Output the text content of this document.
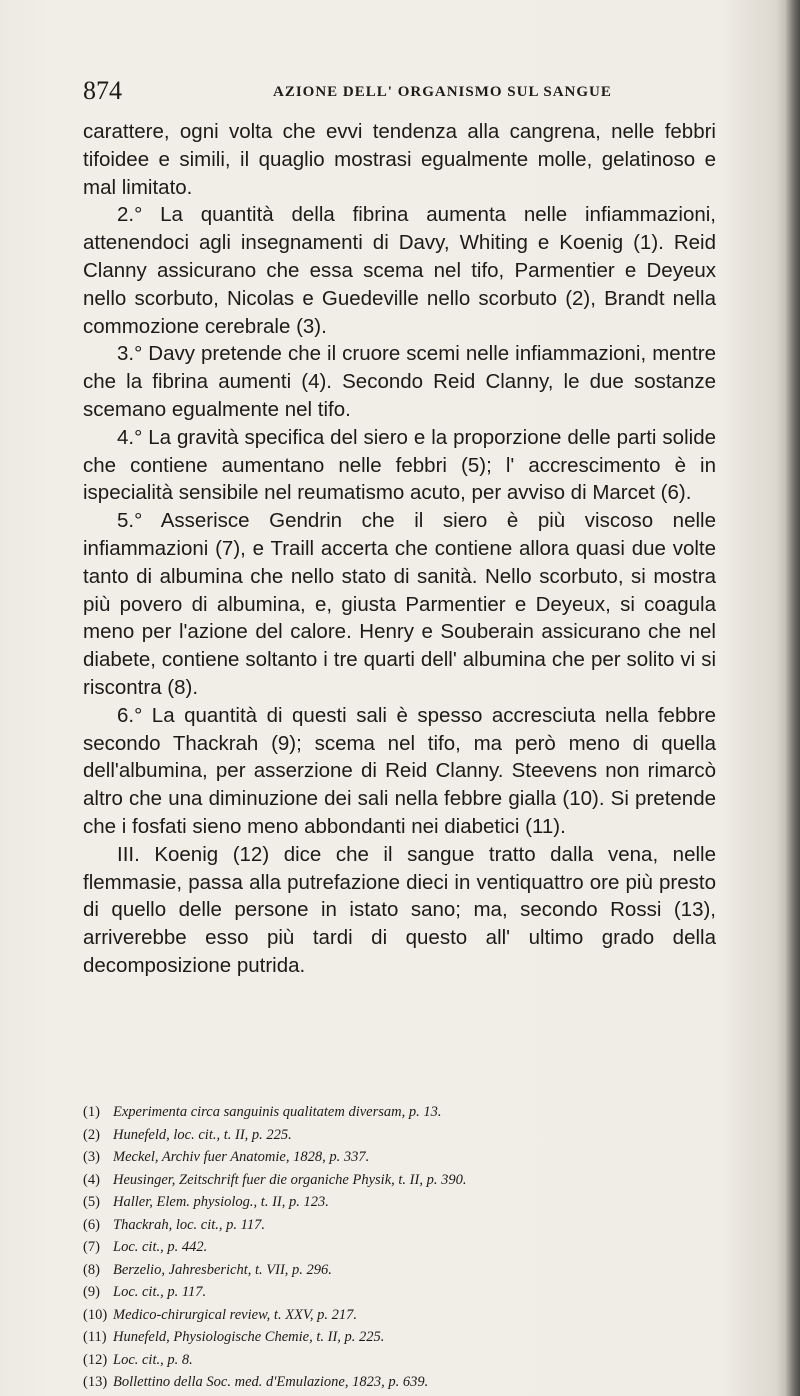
874	AZIONE DELL' ORGANISMO SUL SANGUE

carattere, ogni volta che evvi tendenza alla cangrena, nelle febbri tifoidee e simili, il quaglio mostrasi egualmente molle, gelatinoso e mal limitato.

2.° La quantità della fibrina aumenta nelle infiammazioni, attenendoci agli insegnamenti di Davy, Whiting e Koenig (1). Reid Clanny assicurano che essa scema nel tifo, Parmentier e Deyeux nello scorbuto, Nicolas e Guedeville nello scorbuto (2), Brandt nella commozione cerebrale (3).

3.° Davy pretende che il cruore scemi nelle infiammazioni, mentre che la fibrina aumenti (4). Secondo Reid Clanny, le due sostanze scemano egualmente nel tifo.

4.° La gravità specifica del siero e la proporzione delle parti solide che contiene aumentano nelle febbri (5); l' accrescimento è in ispecialità sensibile nel reumatismo acuto, per avviso di Marcet (6).

5.° Asserisce Gendrin che il siero è più viscoso nelle infiammazioni (7), e Traill accerta che contiene allora quasi due volte tanto di albumina che nello stato di sanità. Nello scorbuto, si mostra più povero di albumina, e, giusta Parmentier e Deyeux, si coagula meno per l'azione del calore. Henry e Souberain assicurano che nel diabete, contiene soltanto i tre quarti dell' albumina che per solito vi si riscontra (8).

6.° La quantità di questi sali è spesso accresciuta nella febbre secondo Thackrah (9); scema nel tifo, ma però meno di quella dell'albumina, per asserzione di Reid Clanny. Steevens non rimarcò altro che una diminuzione dei sali nella febbre gialla (10). Si pretende che i fosfati sieno meno abbondanti nei diabetici (11).

III. Koenig (12) dice che il sangue tratto dalla vena, nelle flemmasie, passa alla putrefazione dieci in ventiquattro ore più presto di quello delle persone in istato sano; ma, secondo Rossi (13), arriverebbe esso più tardi di questo all' ultimo grado della decomposizione putrida.

(1) Experimenta circa sanguinis qualitatem diversam, p. 13.
(2) Hunefeld, loc. cit., t. II, p. 225.
(3) Meckel, Archiv fuer Anatomie, 1828, p. 337.
(4) Heusinger, Zeitschrift fuer die organiche Physik, t. II, p. 390.
(5) Haller, Elem. physiolog., t. II, p. 123.
(6) Thackrah, loc. cit., p. 117.
(7) Loc. cit., p. 442.
(8) Berzelio, Jahresbericht, t. VII, p. 296.
(9) Loc. cit., p. 117.
(10) Medico-chirurgical review, t. XXV, p. 217.
(11) Hunefeld, Physiologische Chemie, t. II, p. 225.
(12) Loc. cit., p. 8.
(13) Bollettino della Soc. med. d'Emulazione, 1823, p. 639.
